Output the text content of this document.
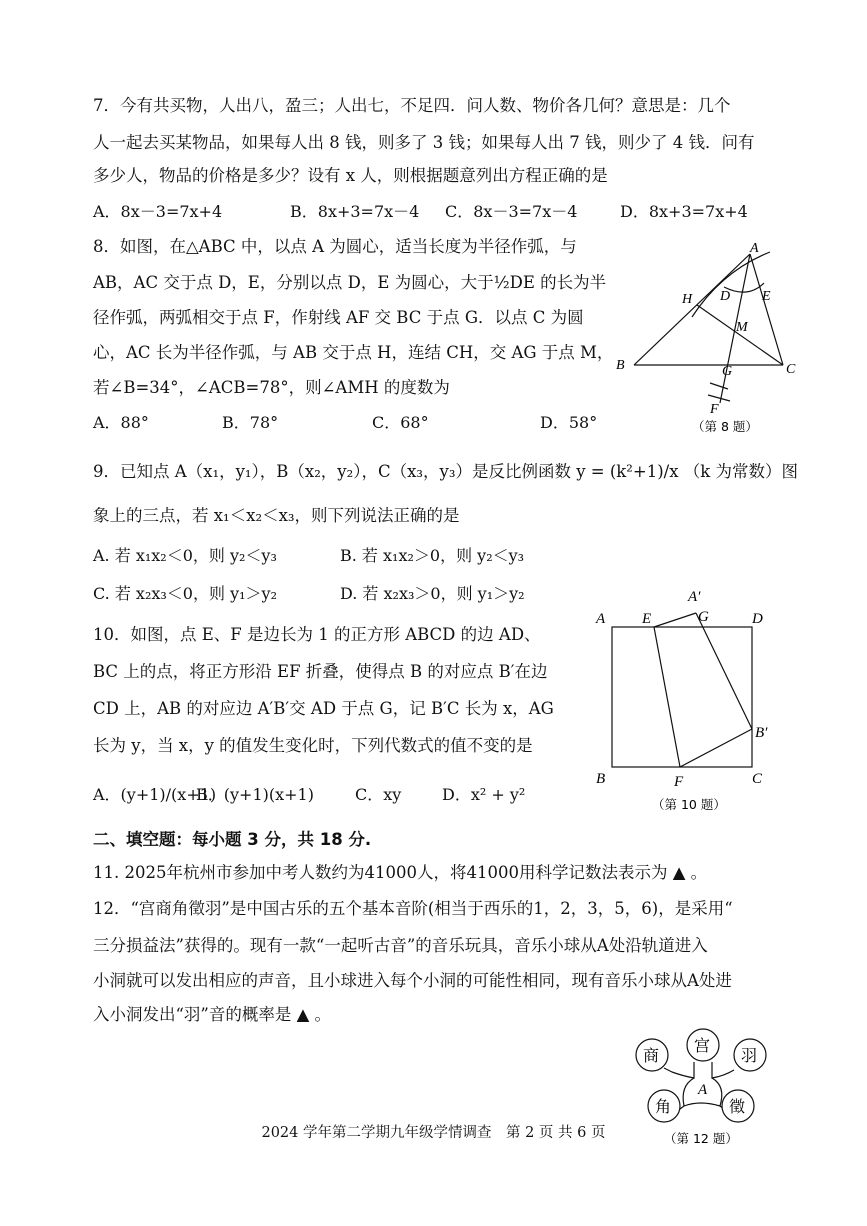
7．今有共买物，人出八，盈三；人出七，不足四．问人数、物价各几何？意思是：几个
人一起去买某物品，如果每人出 8 钱，则多了 3 钱；如果每人出 7 钱，则少了 4 钱．问有
多少人，物品的价格是多少？设有 x 人，则根据题意列出方程正确的是
A．8x－3=7x+4	B．8x+3=7x－4 C．8x－3=7x－4	D．8x+3=7x+4
8．如图，在△ABC 中，以点 A 为圆心，适当长度为半径作弧，与
AB，AC 交于点 D，E，分别以点 D，E 为圆心，大于½DE 的长为半
径作弧，两弧相交于点 F，作射线 AF 交 BC 于点 G．以点 C 为圆
心，AC 长为半径作弧，与 AB 交于点 H，连结 CH，交 AG 于点 M，
若∠B=34°，∠ACB=78°，则∠AMH 的度数为
A．88°	B．78°	C．68°	D．58°
A
H D E
M
B	G	C
F
（第 8 题）
9．已知点 A（x₁，y₁），B（x₂，y₂），C（x₃，y₃）是反比例函数 y = (k²+1)/x （k 为常数）图
象上的三点，若 x₁＜x₂＜x₃，则下列说法正确的是
A. 若 x₁x₂＜0，则 y₂＜y₃	B. 若 x₁x₂＞0，则 y₂＜y₃
C. 若 x₂x₃＜0，则 y₁＞y₂	D. 若 x₂x₃＞0，则 y₁＞y₂
10．如图，点 E、F 是边长为 1 的正方形 ABCD 的边 AD、
BC 上的点，将正方形沿 EF 折叠，使得点 B 的对应点 B′在边
CD 上，AB 的对应边 A′B′交 AD 于点 G，记 B′C 长为 x，AG
长为 y，当 x，y 的值发生变化时，下列代数式的值不变的是
A．(y+1)/(x+1)
B．(y+1)(x+1)	C．xy	D．x² + y²
A′
A E	G	D
B′
B	F	C
（第 10 题）
二、填空题：每小题 3 分，共 18 分.
11. 2025年杭州市参加中考人数约为41000人，将41000用科学记数法表示为 ▲ 。
12．“宫商角徵羽”是中国古乐的五个基本音阶(相当于西乐的1，2，3，5，6)，是采用“
三分损益法”获得的。现有一款“一起听古音”的音乐玩具，音乐小球从A处沿轨道进入
小洞就可以发出相应的声音，且小球进入每个小洞的可能性相同，现有音乐小球从A处进
入小洞发出“羽”音的概率是 ▲ 。
宫
商	羽
角	徵
A
（第 12 题）
2024 学年第二学期九年级学情调查　第 2 页 共 6 页
